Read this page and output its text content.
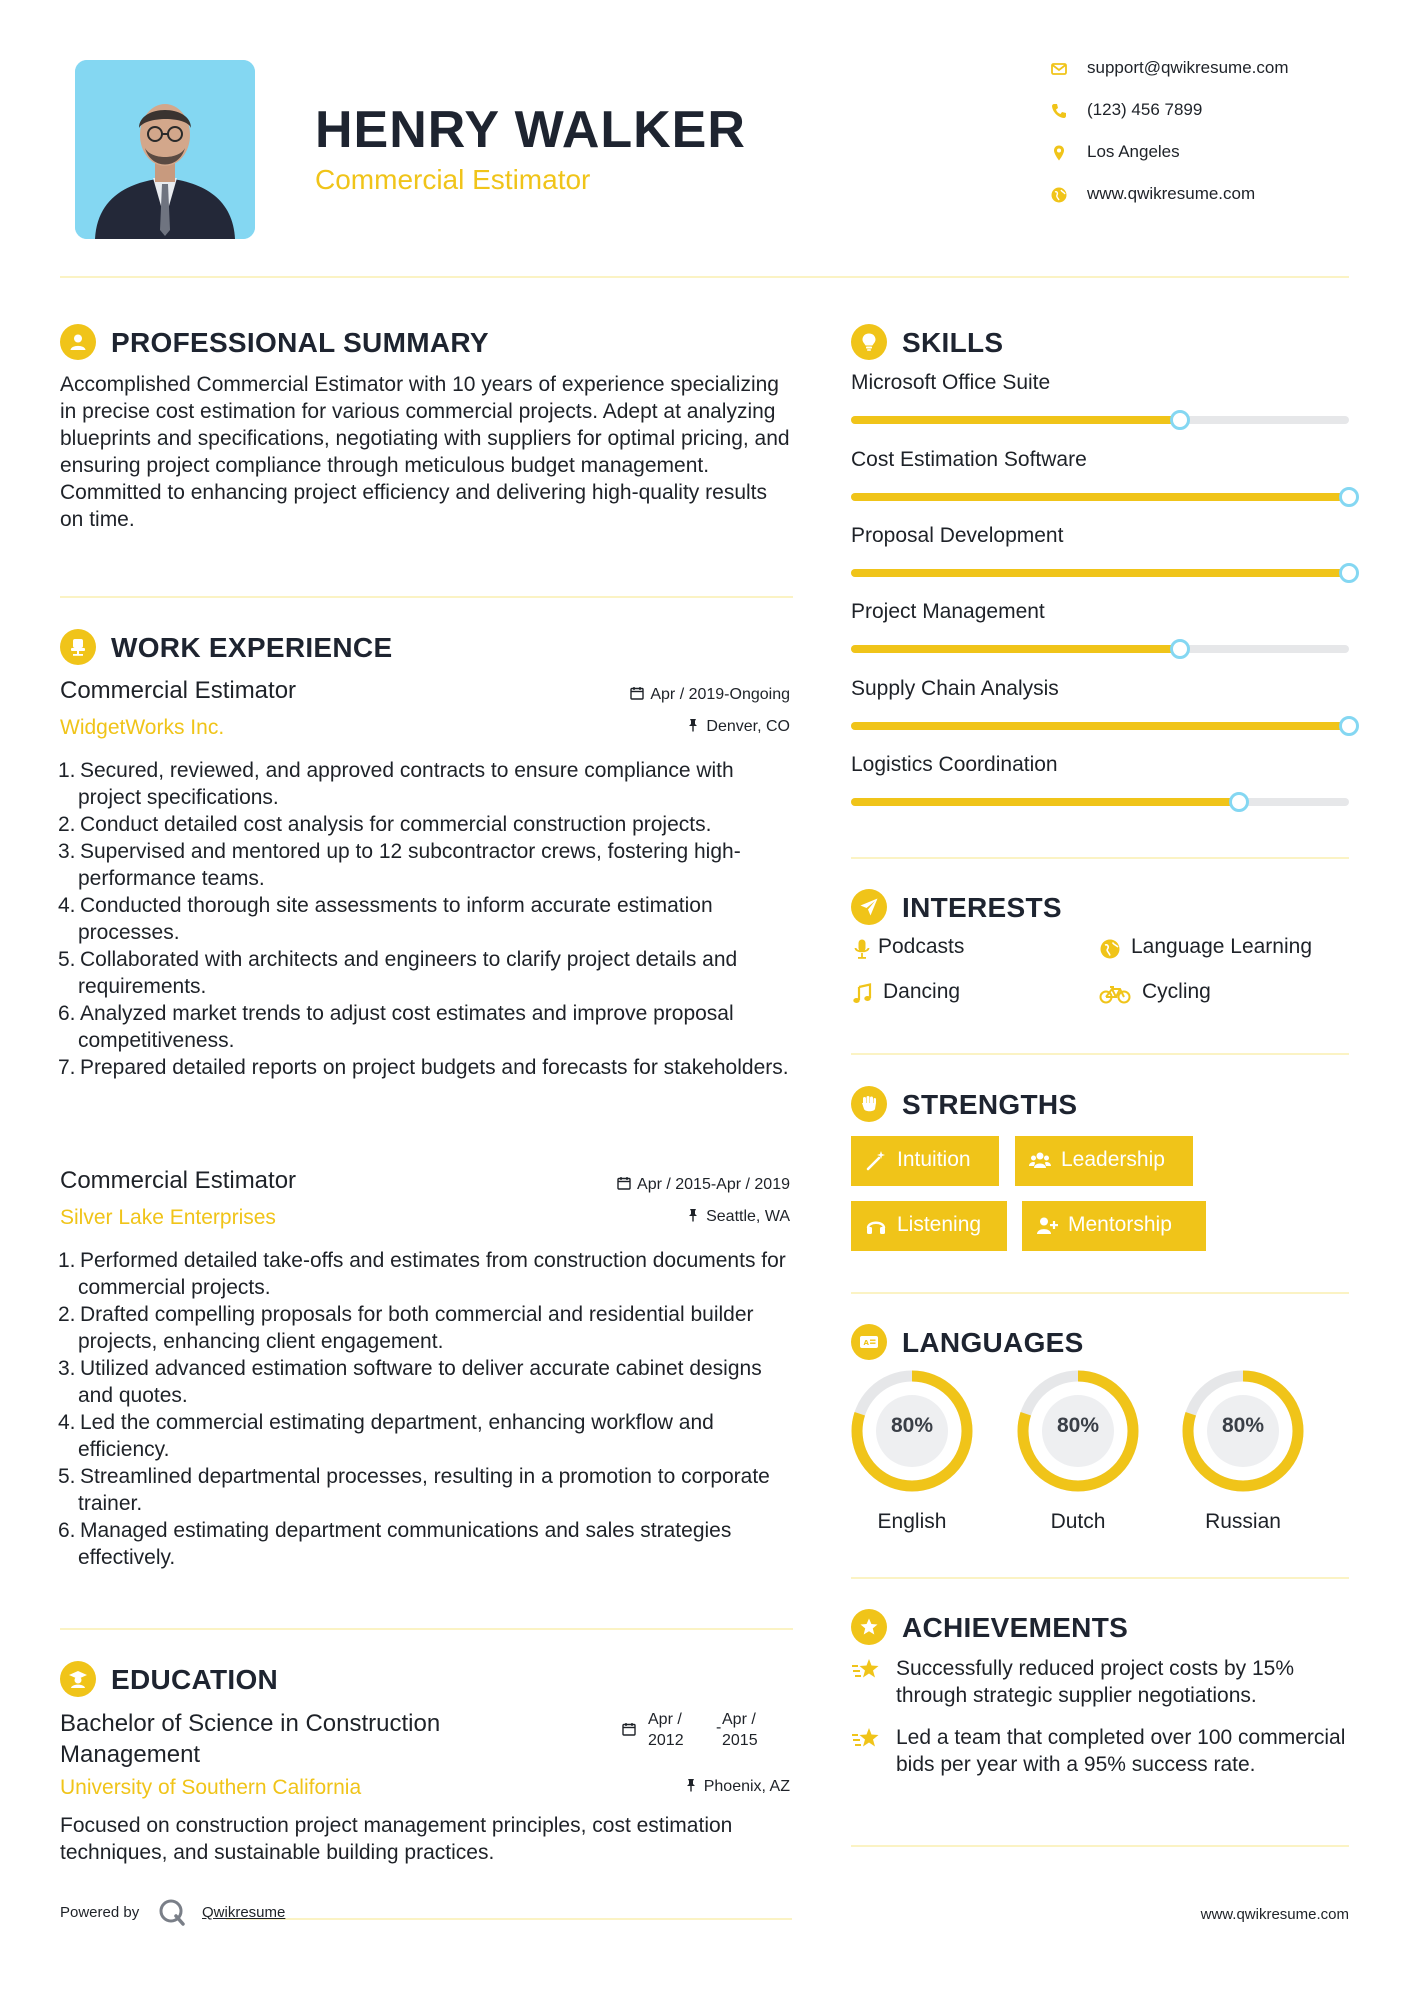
HENRY WALKER
Commercial Estimator
support@qwikresume.com
(123) 456 7899
Los Angeles
www.qwikresume.com
PROFESSIONAL SUMMARY
Accomplished Commercial Estimator with 10 years of experience specializing in precise cost estimation for various commercial projects. Adept at analyzing blueprints and specifications, negotiating with suppliers for optimal pricing, and ensuring project compliance through meticulous budget management. Committed to enhancing project efficiency and delivering high-quality results on time.
WORK EXPERIENCE
Commercial Estimator	Apr / 2019-Ongoing
WidgetWorks Inc.	Denver, CO
1. Secured, reviewed, and approved contracts to ensure compliance with project specifications.
2. Conduct detailed cost analysis for commercial construction projects.
3. Supervised and mentored up to 12 subcontractor crews, fostering high-performance teams.
4. Conducted thorough site assessments to inform accurate estimation processes.
5. Collaborated with architects and engineers to clarify project details and requirements.
6. Analyzed market trends to adjust cost estimates and improve proposal competitiveness.
7. Prepared detailed reports on project budgets and forecasts for stakeholders.
Commercial Estimator	Apr / 2015-Apr / 2019
Silver Lake Enterprises	Seattle, WA
1. Performed detailed take-offs and estimates from construction documents for commercial projects.
2. Drafted compelling proposals for both commercial and residential builder projects, enhancing client engagement.
3. Utilized advanced estimation software to deliver accurate cabinet designs and quotes.
4. Led the commercial estimating department, enhancing workflow and efficiency.
5. Streamlined departmental processes, resulting in a promotion to corporate trainer.
6. Managed estimating department communications and sales strategies effectively.
EDUCATION
Bachelor of Science in Construction Management
Apr / 2012
- Apr / 2015
University of Southern California	Phoenix, AZ
Focused on construction project management principles, cost estimation techniques, and sustainable building practices.
SKILLS
Microsoft Office Suite
Cost Estimation Software
Proposal Development
Project Management
Supply Chain Analysis
Logistics Coordination
INTERESTS
Podcasts	Language Learning
Dancing	Cycling
STRENGTHS
Intuition	Leadership
Listening	Mentorship
A LANGUAGES
80%
English
80%
Dutch
80%
Russian
ACHIEVEMENTS
Successfully reduced project costs by 15% through strategic supplier negotiations.
Led a team that completed over 100 commercial bids per year with a 95% success rate.
Powered by	Qwikresume	www.qwikresume.com
